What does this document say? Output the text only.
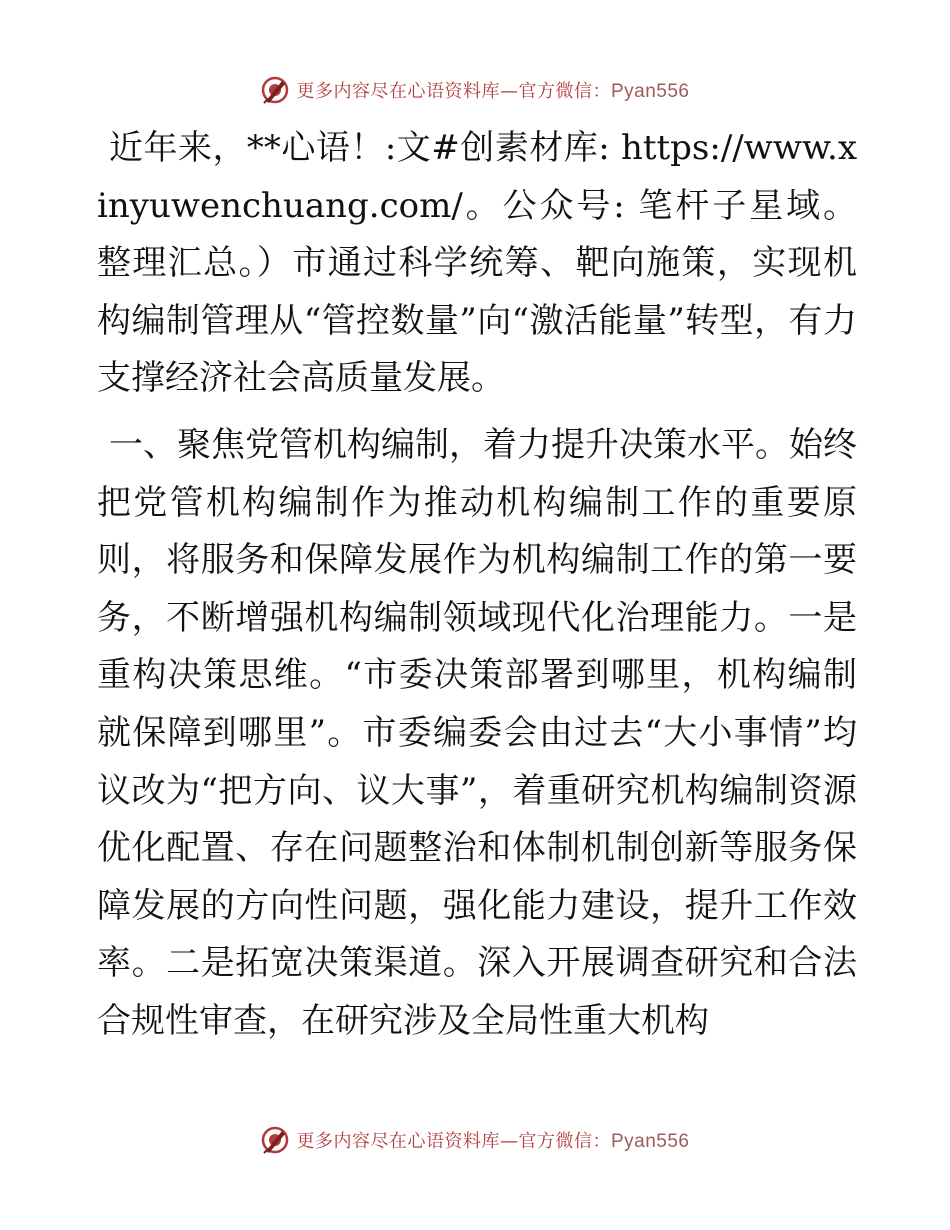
更多内容尽在心语资料库—官方微信：Pyan556

近年来，**心语！:文#创素材库: https://www.xinyuwenchuang.com/。公众号: 笔杆子星域。整理汇总。）市通过科学统筹、靶向施策，实现机构编制管理从“管控数量”向“激活能量”转型，有力支撑经济社会高质量发展。

一、聚焦党管机构编制，着力提升决策水平。始终把党管机构编制作为推动机构编制工作的重要原则，将服务和保障发展作为机构编制工作的第一要务，不断增强机构编制领域现代化治理能力。一是重构决策思维。“市委决策部署到哪里，机构编制就保障到哪里”。市委编委会由过去“大小事情”均议改为“把方向、议大事”，着重研究机构编制资源优化配置、存在问题整治和体制机制创新等服务保障发展的方向性问题，强化能力建设，提升工作效率。二是拓宽决策渠道。深入开展调查研究和合法合规性审查，在研究涉及全局性重大机构

更多内容尽在心语资料库—官方微信：Pyan556
